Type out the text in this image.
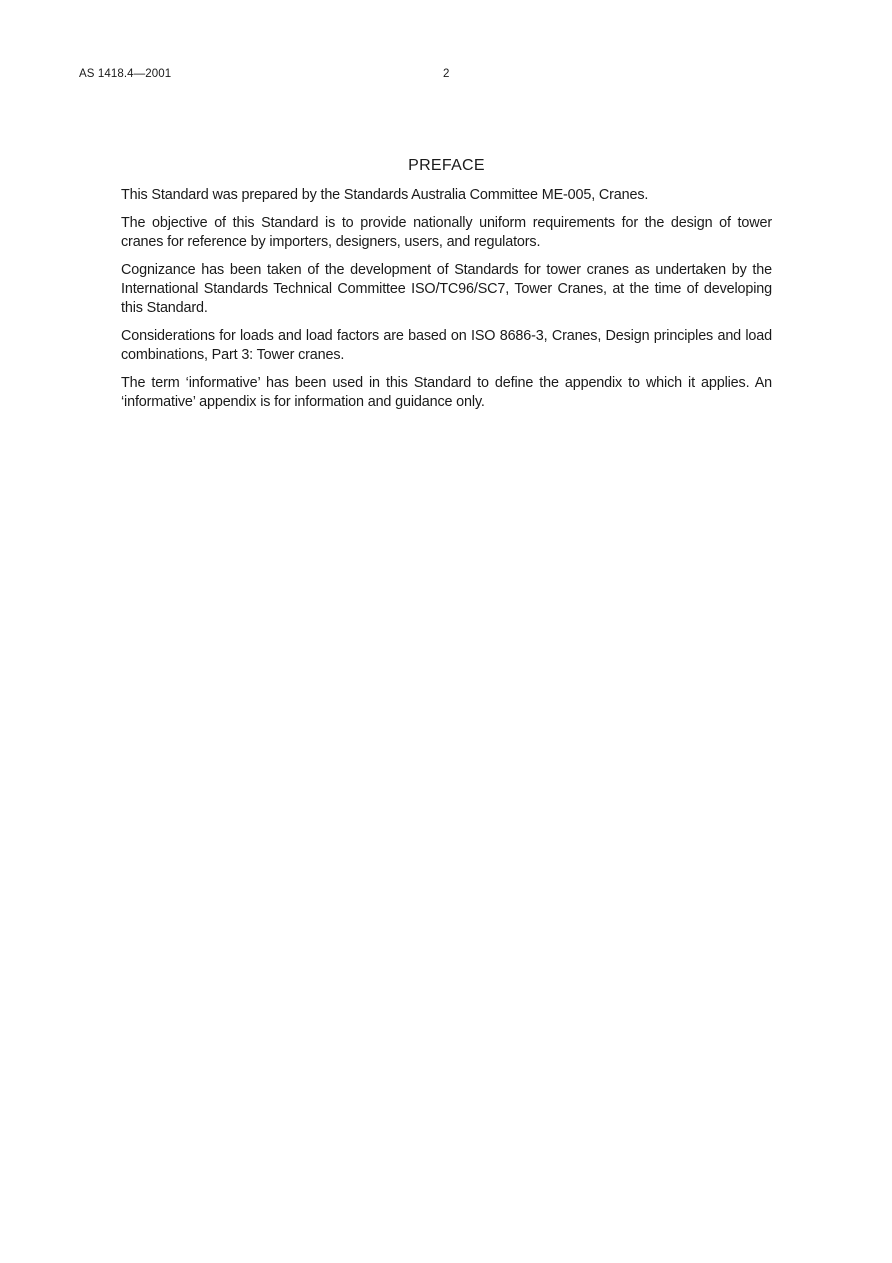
AS 1418.4—2001	2
PREFACE

This Standard was prepared by the Standards Australia Committee ME-005, Cranes.

The objective of this Standard is to provide nationally uniform requirements for the design of tower cranes for reference by importers, designers, users, and regulators.

Cognizance has been taken of the development of Standards for tower cranes as undertaken by the International Standards Technical Committee ISO/TC96/SC7, Tower Cranes, at the time of developing this Standard.

Considerations for loads and load factors are based on ISO 8686-3, Cranes, Design principles and load combinations, Part 3: Tower cranes.

The term ‘informative’ has been used in this Standard to define the appendix to which it applies. An ‘informative’ appendix is for information and guidance only.
